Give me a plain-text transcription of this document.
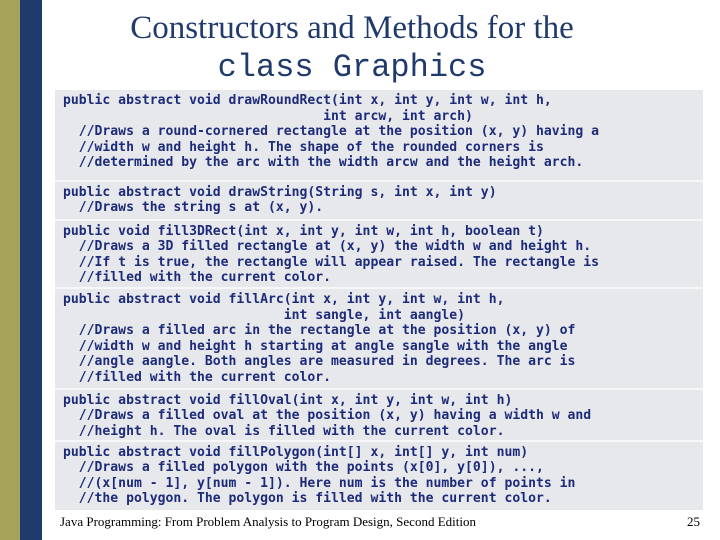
Constructors and Methods for the
class Graphics
public abstract void drawRoundRect(int x, int y, int w, int h,
int arcw, int arch)
//Draws a round-cornered rectangle at the position (x, y) having a
//width w and height h. The shape of the rounded corners is
//determined by the arc with the width arcw and the height arch.
public abstract void drawString(String s, int x, int y)
//Draws the string s at (x, y).
public void fill3DRect(int x, int y, int w, int h, boolean t)
//Draws a 3D filled rectangle at (x, y) the width w and height h.
//If t is true, the rectangle will appear raised. The rectangle is
//filled with the current color.
public abstract void fillArc(int x, int y, int w, int h,
int sangle, int aangle)
//Draws a filled arc in the rectangle at the position (x, y) of
//width w and height h starting at angle sangle with the angle
//angle aangle. Both angles are measured in degrees. The arc is
//filled with the current color.
public abstract void fillOval(int x, int y, int w, int h)
//Draws a filled oval at the position (x, y) having a width w and
//height h. The oval is filled with the current color.
public abstract void fillPolygon(int[] x, int[] y, int num)
//Draws a filled polygon with the points (x[0], y[0]), ...,
//(x[num - 1], y[num - 1]). Here num is the number of points in
//the polygon. The polygon is filled with the current color.
Java Programming: From Problem Analysis to Program Design, Second Edition	25
